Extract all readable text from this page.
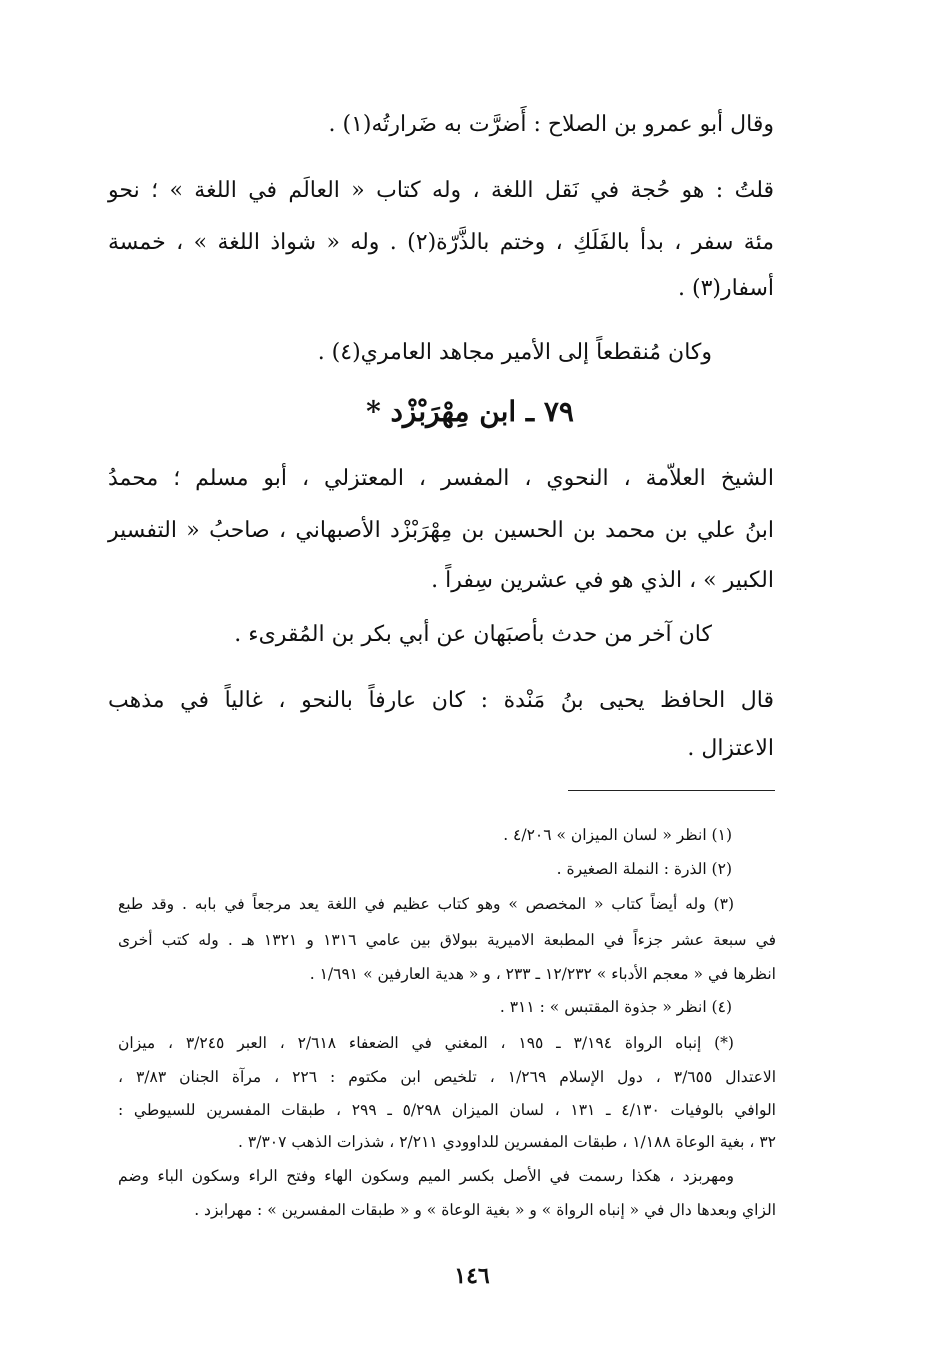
وقال أبو عمرو بن الصلاح : أَضرَّت به ضَرارتُه(١) .

قلتُ : هو حُجة في نَقل اللغة ، وله كتاب « العالَم في اللغة » ؛ نحو

مئة سفر ، بدأ بالفَلَكِ ، وختم بالذَّرّة(٢) . وله « شواذ اللغة » ، خمسة

أسفار(٣) .

وكان مُنقطعاً إلى الأمير مجاهد العامري(٤) .

٧٩ ـ ابن مِهْرَبْزْد *

الشيخ العلاّمة ، النحوي ، المفسر ، المعتزلي ، أبو مسلم ؛ محمدُ

ابنُ علي بن محمد بن الحسين بن مِهْرَبْزْد الأصبهاني ، صاحبُ « التفسير

الكبير » ، الذي هو في عشرين سِفراً .

كان آخر من حدث بأصبَهان عن أبي بكر بن المُقرىء .

قال الحافظ يحيى بنُ مَنْدة : كان عارفاً بالنحو ، غالياً في مذهب

الاعتزال .

(١) انظر « لسان الميزان » ٤/٢٠٦ .

(٢) الذرة : النملة الصغيرة .

(٣) وله أيضاً كتاب « المخصص » وهو كتاب عظيم في اللغة يعد مرجعاً في بابه . وقد طبع

في سبعة عشر جزءاً في المطبعة الاميرية ببولاق بين عامي ١٣١٦ و ١٣٢١ هـ . وله كتب أخرى

انظرها في « معجم الأدباء » ١٢/٢٣٢ ـ ٢٣٣ ، و « هدية العارفين » ١/٦٩١ .

(٤) انظر « جذوة المقتبس » : ٣١١ .

(*) إنباه الرواة ٣/١٩٤ ـ ١٩٥ ، المغني في الضعفاء ٢/٦١٨ ، العبر ٣/٢٤٥ ، ميزان

الاعتدال ٣/٦٥٥ ، دول الإسلام ١/٢٦٩ ، تلخيص ابن مكتوم : ٢٢٦ ، مرآة الجنان ٣/٨٣ ،

الوافي بالوفيات ٤/١٣٠ ـ ١٣١ ، لسان الميزان ٥/٢٩٨ ـ ٢٩٩ ، طبقات المفسرين للسيوطي :

٣٢ ، بغية الوعاة ١/١٨٨ ، طبقات المفسرين للداوودي ٢/٢١١ ، شذرات الذهب ٣/٣٠٧ .

ومهربزد ، هكذا رسمت في الأصل بكسر الميم وسكون الهاء وفتح الراء وسكون الباء وضم

الزاي وبعدها دال في « إنباه الرواة » و « بغية الوعاة » و « طبقات المفسرين » : مهرابزد .

١٤٦
